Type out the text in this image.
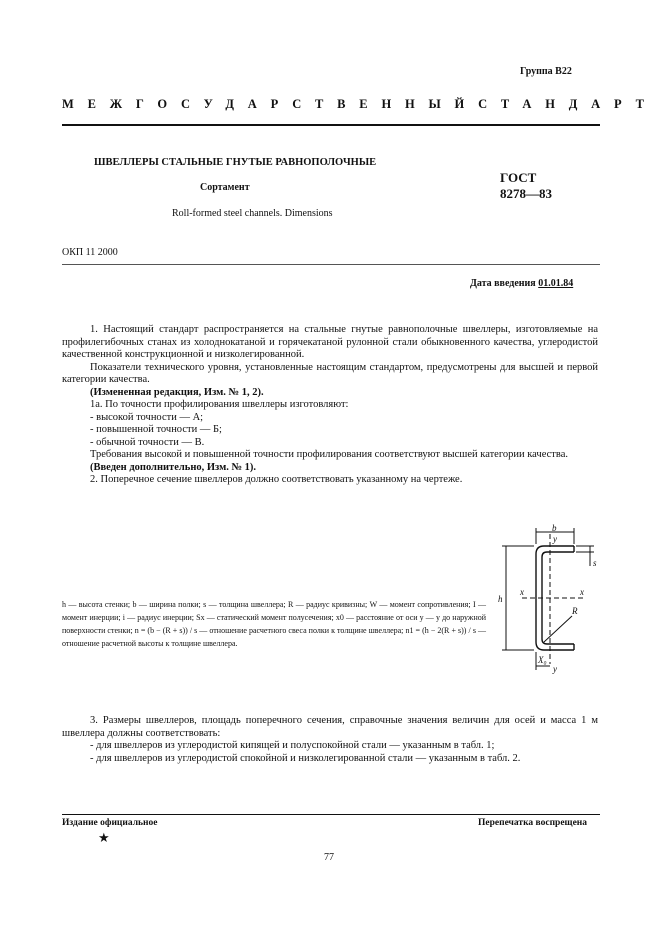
Группа В22
МЕЖГОСУДАРСТВЕННЫЙ СТАНДАРТ
ШВЕЛЛЕРЫ СТАЛЬНЫЕ ГНУТЫЕ РАВНОПОЛОЧНЫЕ
Сортамент
Roll-formed steel channels. Dimensions
ГОСТ
8278—83
ОКП 11 2000
Дата введения 01.01.84

1. Настоящий стандарт распространяется на стальные гнутые равнополочные швеллеры, изготовляемые на профилегибочных станах из холоднокатаной и горячекатаной рулонной стали обыкновенного качества, углеродистой качественной конструкционной и низколегированной.

Показатели технического уровня, установленные настоящим стандартом, предусмотрены для высшей и первой категории качества.

(Измененная редакция, Изм. № 1, 2).

1а. По точности профилирования швеллеры изготовляют:

- высокой точности — А;

- повышенной точности — Б;

- обычной точности — В.

Требования высокой и повышенной точности профилирования соответствуют высшей категории качества.

(Введен дополнительно, Изм. № 1).

2. Поперечное сечение швеллеров должно соответствовать указанному на чертеже.

h — высота стенки; b — ширина полки; s — толщина швеллера; R — радиус кривизны; W — момент сопротивления; I — момент инерции; i — радиус инерции; Sx — статический момент полусечения; x0 — расстояние от оси y — y до наружной поверхности стенки; n = (b − (R + s)) / s — отношение расчетного свеса полки к толщине швеллера; n1 = (h − 2(R + s)) / s — отношение расчетной высоты к толщине швеллера.
b
y
x	x
h
s
R
X₀
y

3. Размеры швеллеров, площадь поперечного сечения, справочные значения величин для осей и масса 1 м швеллера должны соответствовать:

- для швеллеров из углеродистой кипящей и полуспокойной стали — указанным в табл. 1;

- для швеллеров из углеродистой спокойной и низколегированной стали — указанным в табл. 2.

Издание официальное	Перепечатка воспрещена
★
77
